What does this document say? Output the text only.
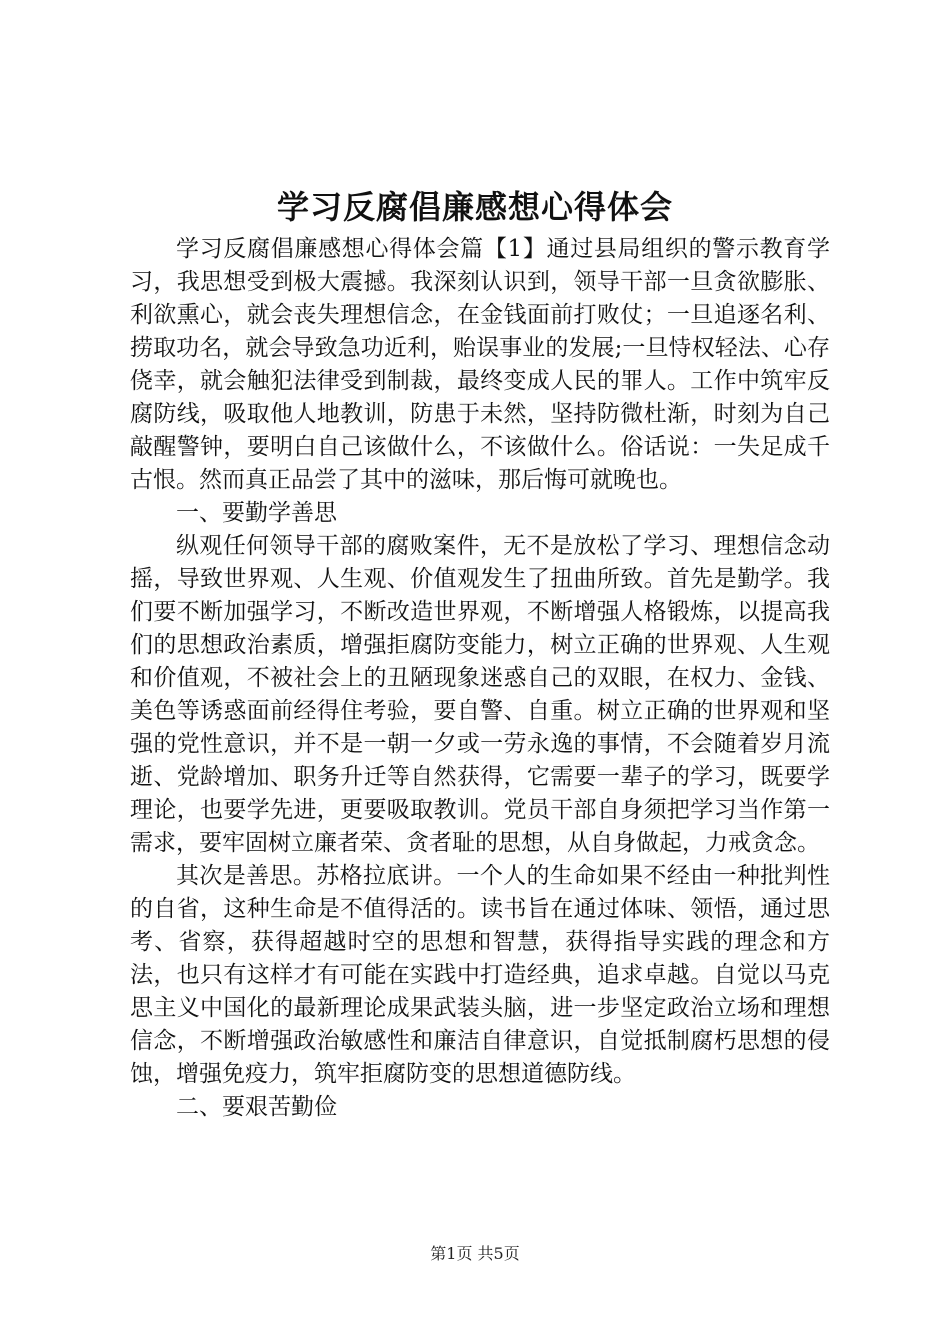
学习反腐倡廉感想心得体会

学习反腐倡廉感想心得体会篇【1】通过县局组织的警示教育学习，我思想受到极大震撼。我深刻认识到，领导干部一旦贪欲膨胀、利欲熏心，就会丧失理想信念，在金钱面前打败仗；一旦追逐名利、捞取功名，就会导致急功近利，贻误事业的发展;一旦恃权轻法、心存侥幸，就会触犯法律受到制裁，最终变成人民的罪人。工作中筑牢反腐防线，吸取他人地教训，防患于未然，坚持防微杜渐，时刻为自己敲醒警钟，要明白自己该做什么，不该做什么。俗话说：一失足成千古恨。然而真正品尝了其中的滋味，那后悔可就晚也。

一、要勤学善思

纵观任何领导干部的腐败案件，无不是放松了学习、理想信念动摇，导致世界观、人生观、价值观发生了扭曲所致。首先是勤学。我们要不断加强学习，不断改造世界观，不断增强人格锻炼，以提高我们的思想政治素质，增强拒腐防变能力，树立正确的世界观、人生观和价值观，不被社会上的丑陋现象迷惑自己的双眼，在权力、金钱、美色等诱惑面前经得住考验，要自警、自重。树立正确的世界观和坚强的党性意识，并不是一朝一夕或一劳永逸的事情，不会随着岁月流逝、党龄增加、职务升迁等自然获得，它需要一辈子的学习，既要学理论，也要学先进，更要吸取教训。党员干部自身须把学习当作第一需求，要牢固树立廉者荣、贪者耻的思想，从自身做起，力戒贪念。

其次是善思。苏格拉底讲。一个人的生命如果不经由一种批判性的自省，这种生命是不值得活的。读书旨在通过体味、领悟，通过思考、省察，获得超越时空的思想和智慧，获得指导实践的理念和方法，也只有这样才有可能在实践中打造经典，追求卓越。自觉以马克思主义中国化的最新理论成果武装头脑，进一步坚定政治立场和理想信念，不断增强政治敏感性和廉洁自律意识，自觉抵制腐朽思想的侵蚀，增强免疫力，筑牢拒腐防变的思想道德防线。

二、要艰苦勤俭

第1页 共5页
